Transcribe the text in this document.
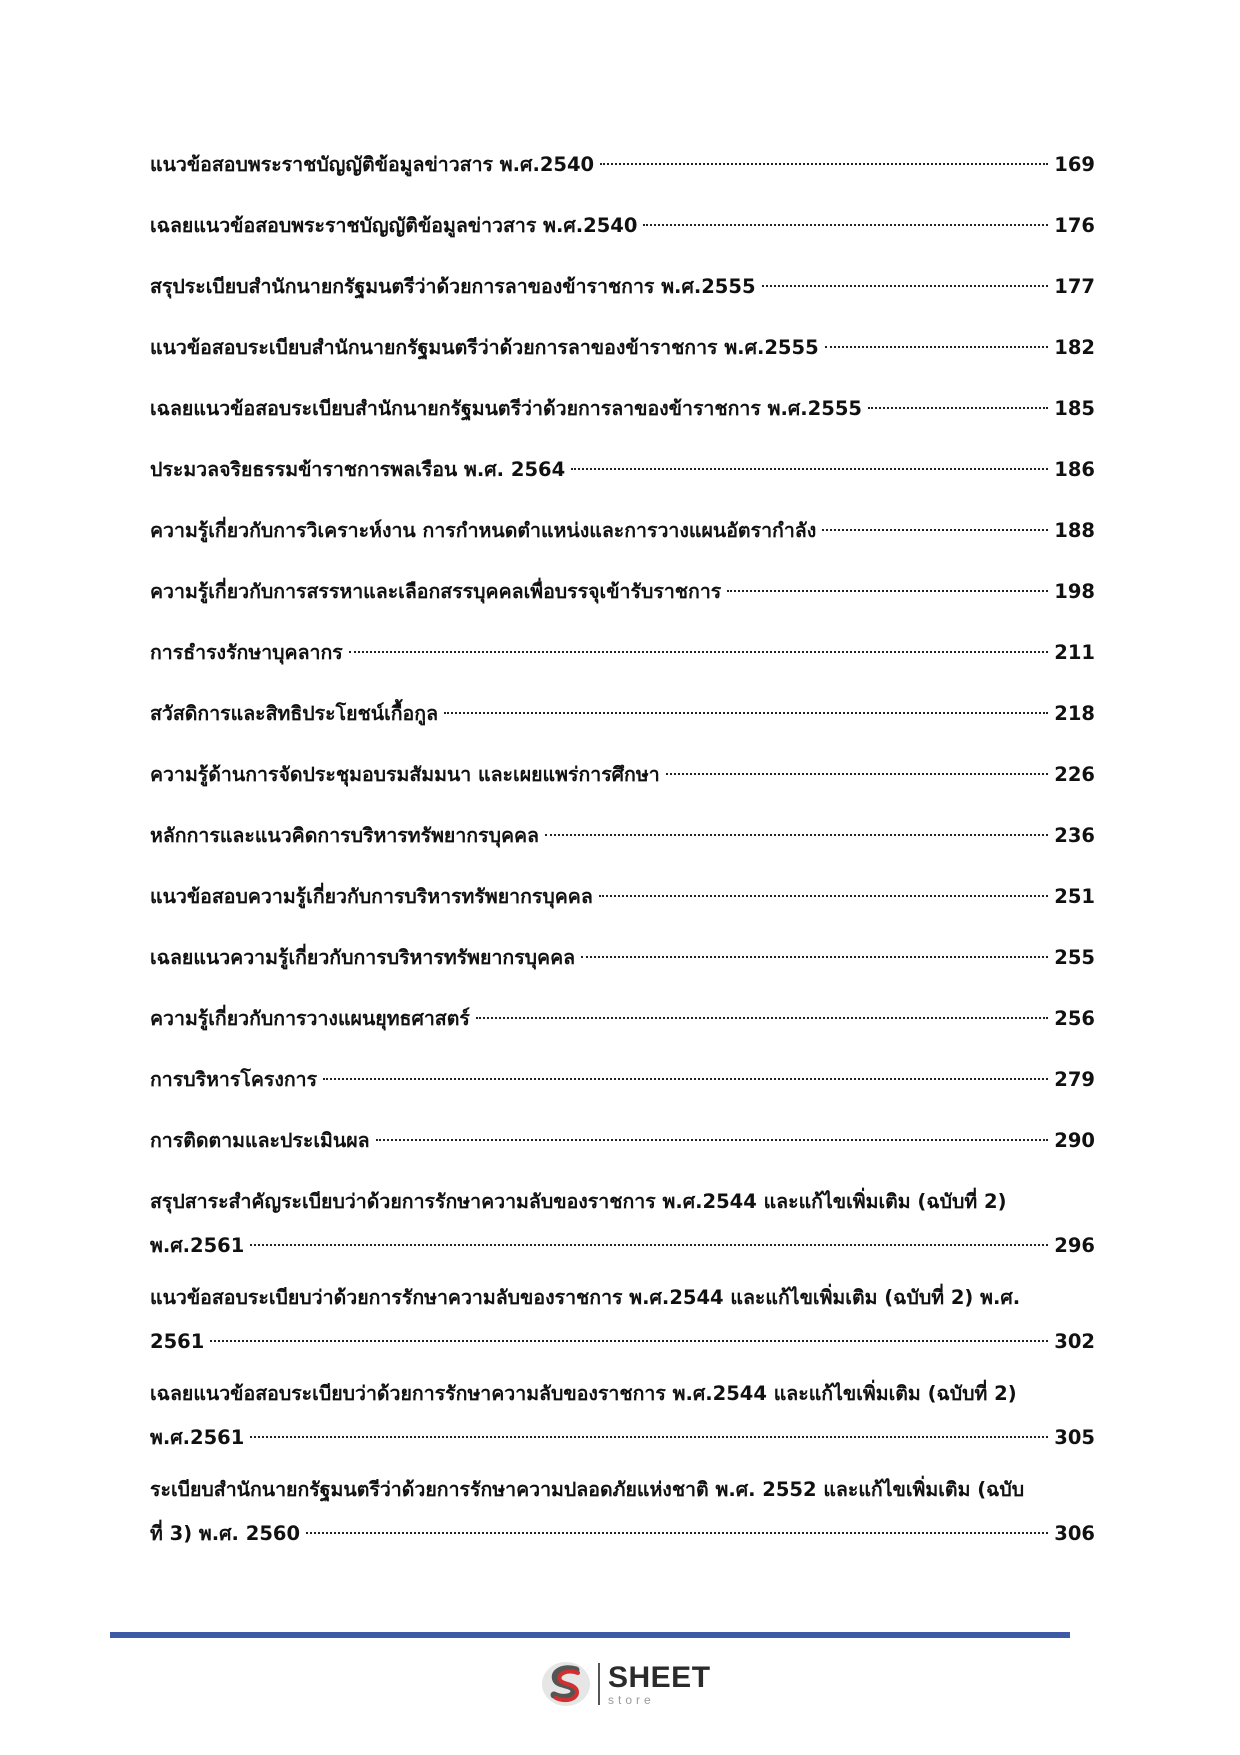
แนวข้อสอบพระราชบัญญัติข้อมูลข่าวสาร พ.ศ.2540	169
เฉลยแนวข้อสอบพระราชบัญญัติข้อมูลข่าวสาร พ.ศ.2540	176
สรุประเบียบสำนักนายกรัฐมนตรีว่าด้วยการลาของข้าราชการ พ.ศ.2555	177
แนวข้อสอบระเบียบสำนักนายกรัฐมนตรีว่าด้วยการลาของข้าราชการ พ.ศ.2555	182
เฉลยแนวข้อสอบระเบียบสำนักนายกรัฐมนตรีว่าด้วยการลาของข้าราชการ พ.ศ.2555	185
ประมวลจริยธรรมข้าราชการพลเรือน พ.ศ. 2564	186
ความรู้เกี่ยวกับการวิเคราะห์งาน การกำหนดตำแหน่งและการวางแผนอัตรากำลัง	188
ความรู้เกี่ยวกับการสรรหาและเลือกสรรบุคคลเพื่อบรรจุเข้ารับราชการ	198
การธำรงรักษาบุคลากร	211
สวัสดิการและสิทธิประโยชน์เกื้อกูล	218
ความรู้ด้านการจัดประชุมอบรมสัมมนา และเผยแพร่การศึกษา	226
หลักการและแนวคิดการบริหารทรัพยากรบุคคล	236
แนวข้อสอบความรู้เกี่ยวกับการบริหารทรัพยากรบุคคล	251
เฉลยแนวความรู้เกี่ยวกับการบริหารทรัพยากรบุคคล	255
ความรู้เกี่ยวกับการวางแผนยุทธศาสตร์	256
การบริหารโครงการ	279
การติดตามและประเมินผล	290
สรุปสาระสำคัญระเบียบว่าด้วยการรักษาความลับของราชการ พ.ศ.2544 และแก้ไขเพิ่มเติม (ฉบับที่ 2)
พ.ศ.2561	296
แนวข้อสอบระเบียบว่าด้วยการรักษาความลับของราชการ พ.ศ.2544 และแก้ไขเพิ่มเติม (ฉบับที่ 2) พ.ศ.
2561	302
เฉลยแนวข้อสอบระเบียบว่าด้วยการรักษาความลับของราชการ พ.ศ.2544 และแก้ไขเพิ่มเติม (ฉบับที่ 2)
พ.ศ.2561	305
ระเบียบสำนักนายกรัฐมนตรีว่าด้วยการรักษาความปลอดภัยแห่งชาติ พ.ศ. 2552 และแก้ไขเพิ่มเติม (ฉบับ
ที่ 3) พ.ศ. 2560	306
SHEET
store
